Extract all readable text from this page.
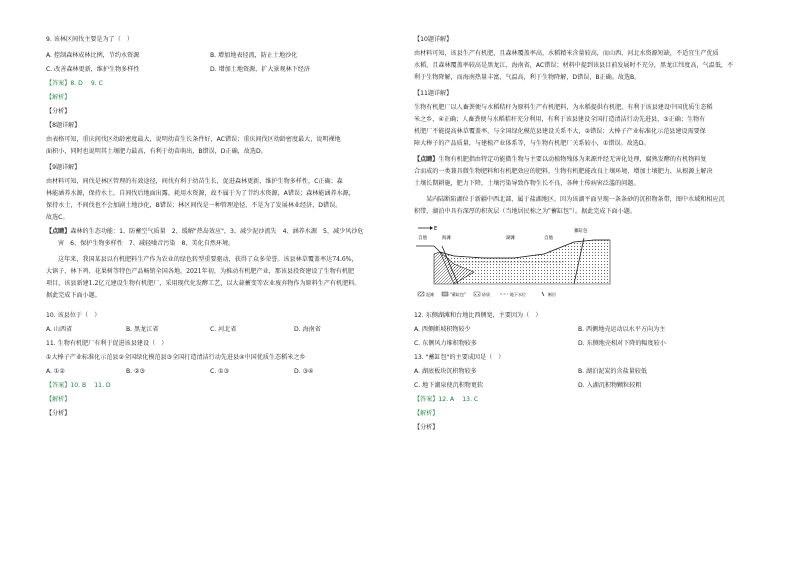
9. 该林区间伐主要是为了（　）
A. 控制森林成林比例，节约水资源	B. 增加地表径流，防止土地沙化
C. 改善森林更新，维护生物多样性	D. 增加土地资源，扩大景观林下经济
【答案】8. D　 9. C
【解析】
【分析】
【8题详解】
由表格可知，重庆间伐区幼龄密度最大，说明幼苗生长条件好，AC错误；重庆间伐区幼龄密度最大，说明裸地
面积小，同时也说明其土壤肥力最高，有利于幼苗萌出，B错误，D正确，故选D。
【9题详解】
由材料可知，间伐是林区管理的有效途径，间伐有利于幼苗生长，促进森林更新，维护生物多样性，C正确；森
林能涵养水源，保持水土，自间伐后地面出露，耗用水资源，故不属于为了节约水资源，A错误；森林能涵养水源，
保持水土，不间伐也不会加剧土地沙化，B错误；林区间伐是一种管理途径，不是为了发展林业经济，D错误。
故选C。
【点睛】森林的生态功能：1、防蓄空气质量　2、缓解"热岛效应"，3、减少泥沙流失　4、涵养水源　5、减少风沙危
害　6、保护生物多样性　7、减轻噪音污染　8、美化自然环境。
这年来，我国某县以有机肥料生产作为农业的绿色转型重要驱动，获得了众多荣誉。该县林草覆盖率达74.6%，
大镇子、林下鸡、花果树等特色产品畅销全国各地。2021年初，为推动有机肥产业，那该县投资建设了生物有机肥
项目，该县新建1.2亿元建设生物有机肥厂，采用现代化发酵工艺，以大蒜蓄变等农业废弃物作为原料生产有机肥料。
据此完成下面小题。
10. 该县位于（　）
A. 山西省	B. 黑龙江省	C. 河北省	D. 海南省
11. 生物有机肥厂有利于促进该县建设（　）
①大棒子产业标准化示范县②全国绿化模范县③全国打造清洁行动先进县④中国优质生态稻米之乡
A. ①②	B. ②③	C. ①③	D. ③④
【答案】10. B　 11. D
【解析】
【分析】
【10题详解】
由材料可知，该县生产有机肥，且森林覆盖率高，水稻精米含量较高，而山西、河北水资源短缺，不适宜生产优质
水稻，且森林覆盖率较高是黑龙江、海南省，AC错误；材料中提到该县目前发展时不充分，黑龙江纬度高，气温低，不
利于生物降解，而海南热量丰富，气温高，利于生物降解，D错误，B正确。故选B。
【11题详解】
生物有机肥厂以人畜粪便与水稻秸秆为原料生产有机肥料，为水稻提供有机肥，有利于该县建设中国优质生态稻
米之乡，④正确；人畜粪便与水稻秸秆充分利用，有利于该县建设全国打造清洁行动先进县，③正确；生物有
机肥厂不能提高林草覆盖率，与全国绿化模范县建设关系不大，②错误；大棒子产业标准化示范县建设需要保
障大棒子的产品质量，与建植产业体系等，与生物有机肥厂关系较小，①错误。故选D。
【点睛】生物有机肥指由特定功能微生物与主要以动植物残体为来源并经无害化处理，腐熟发酵的有机物料复
合而成的一类兼具微生物肥料和有机肥效应的肥料，生物有机肥能改良土壤环境，增加土壤肥力，从根源上解决
土壤长期耕施，肥力下降，土壤污染导致作物生长不良，各种土传病害泛滥的问题。
某内陆断陷湖位于新疆中西北部，属于盐湖地区。因为该湖平面呈现一条条砂的沉积物条带，图中水域和相应沉
积带，湖泊中具有深厚的积灰层（当地居民称之为"蓄缸包"）。据此完成下面小题。
E
自他	海滩	湖滩	自他
蓄缸包
泥滩	"蓄缸包"	砂质	地下水位	断层
12. 东侧湖滩和台地比西侧宽，主要因为（　）
A. 西侧断坡积物较少	B. 西侧地壳运动以水平方向为主
C. 东侧风力堆积物较多	D. 东侧地壳相对下降的幅度较小
13. "蓄缸包"的主要成因是（　）
A. 湖底板块沉积物较多	B. 湖泊泥炭的含盐量较低
C. 地下潮泉使沉积物更软	D. 入湖沉积物颗粒较粗
【答案】12. A　 13. C
【解析】
【分析】
